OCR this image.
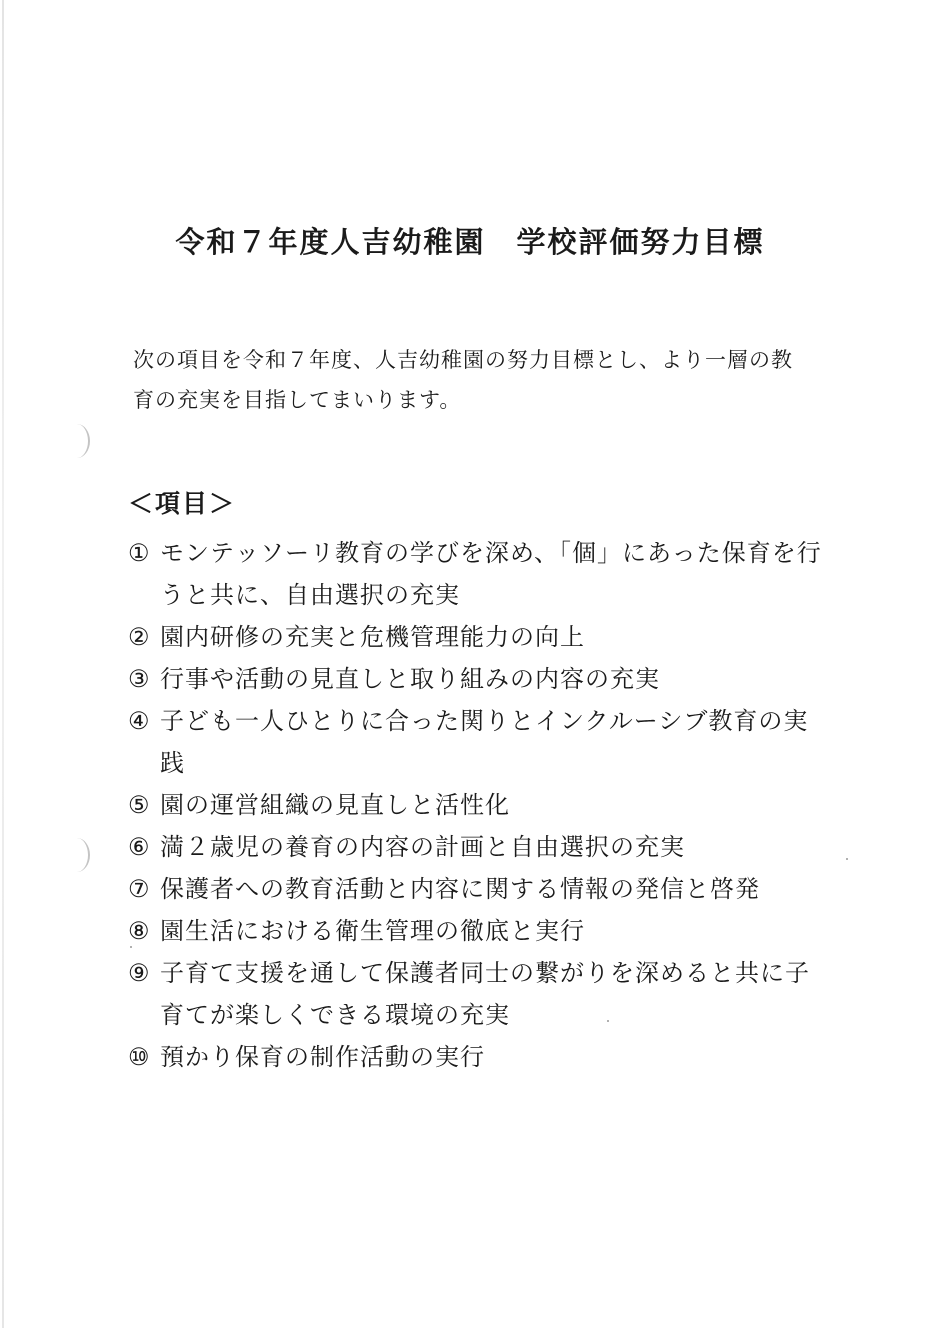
令和７年度人吉幼稚園　学校評価努力目標

次の項目を令和７年度、人吉幼稚園の努力目標とし、より一層の教育の充実を目指してまいります。

＜項目＞
① モンテッソーリ教育の学びを深め、「個」にあった保育を行うと共に、自由選択の充実
② 園内研修の充実と危機管理能力の向上
③ 行事や活動の見直しと取り組みの内容の充実
④ 子ども一人ひとりに合った関りとインクルーシブ教育の実践
⑤ 園の運営組織の見直しと活性化
⑥ 満２歳児の養育の内容の計画と自由選択の充実
⑦ 保護者への教育活動と内容に関する情報の発信と啓発
⑧ 園生活における衛生管理の徹底と実行
⑨ 子育て支援を通して保護者同士の繋がりを深めると共に子育てが楽しくできる環境の充実
⑩ 預かり保育の制作活動の実行
